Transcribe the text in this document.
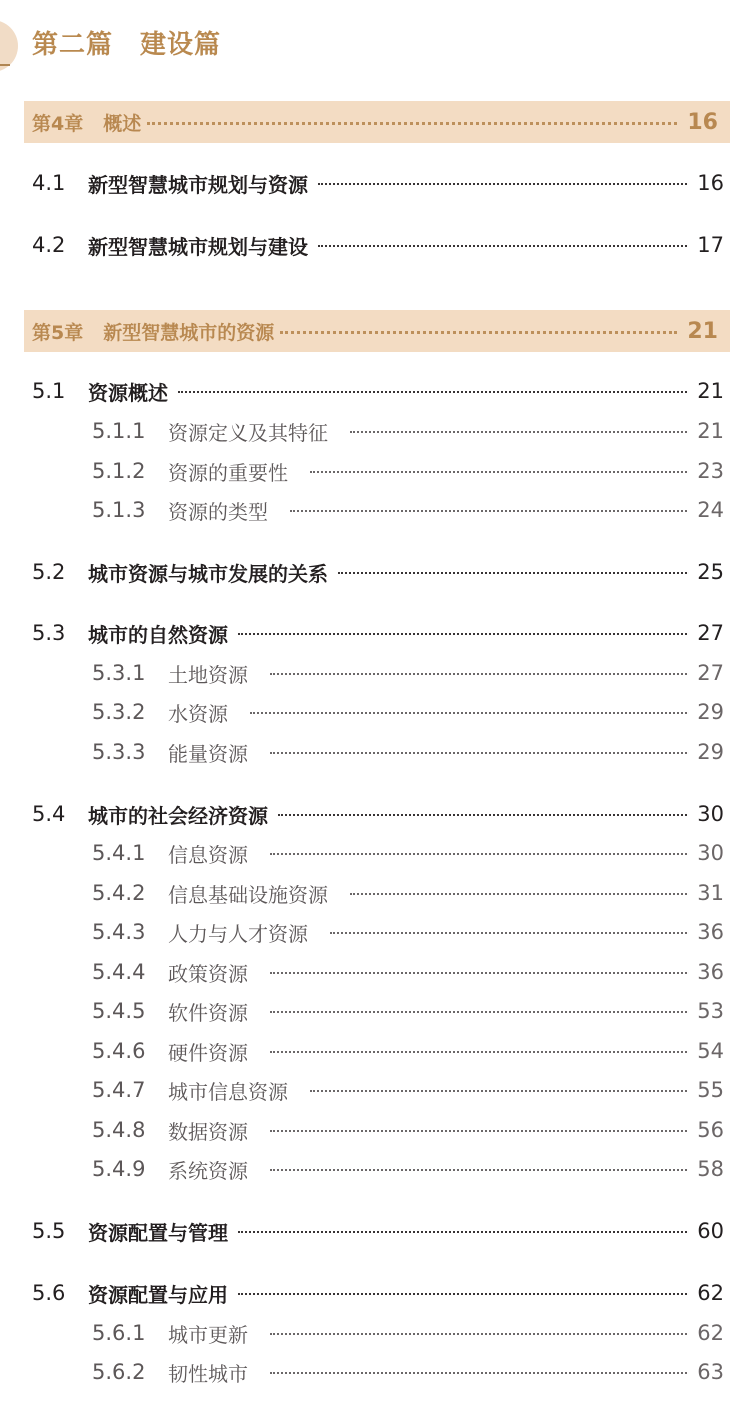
第二篇　建设篇
第4章 概述	16
4.1	新型智慧城市规划与资源	16
4.2	新型智慧城市规划与建设	17
第5章 新型智慧城市的资源	21
5.1	资源概述	21
5.1.1	资源定义及其特征	21
5.1.2	资源的重要性	23
5.1.3	资源的类型	24
5.2	城市资源与城市发展的关系	25
5.3	城市的自然资源	27
5.3.1	土地资源	27
5.3.2	水资源	29
5.3.3	能量资源	29
5.4	城市的社会经济资源	30
5.4.1	信息资源	30
5.4.2	信息基础设施资源	31
5.4.3	人力与人才资源	36
5.4.4	政策资源	36
5.4.5	软件资源	53
5.4.6	硬件资源	54
5.4.7	城市信息资源	55
5.4.8	数据资源	56
5.4.9	系统资源	58
5.5	资源配置与管理	60
5.6	资源配置与应用	62
5.6.1	城市更新	62
5.6.2	韧性城市	63
